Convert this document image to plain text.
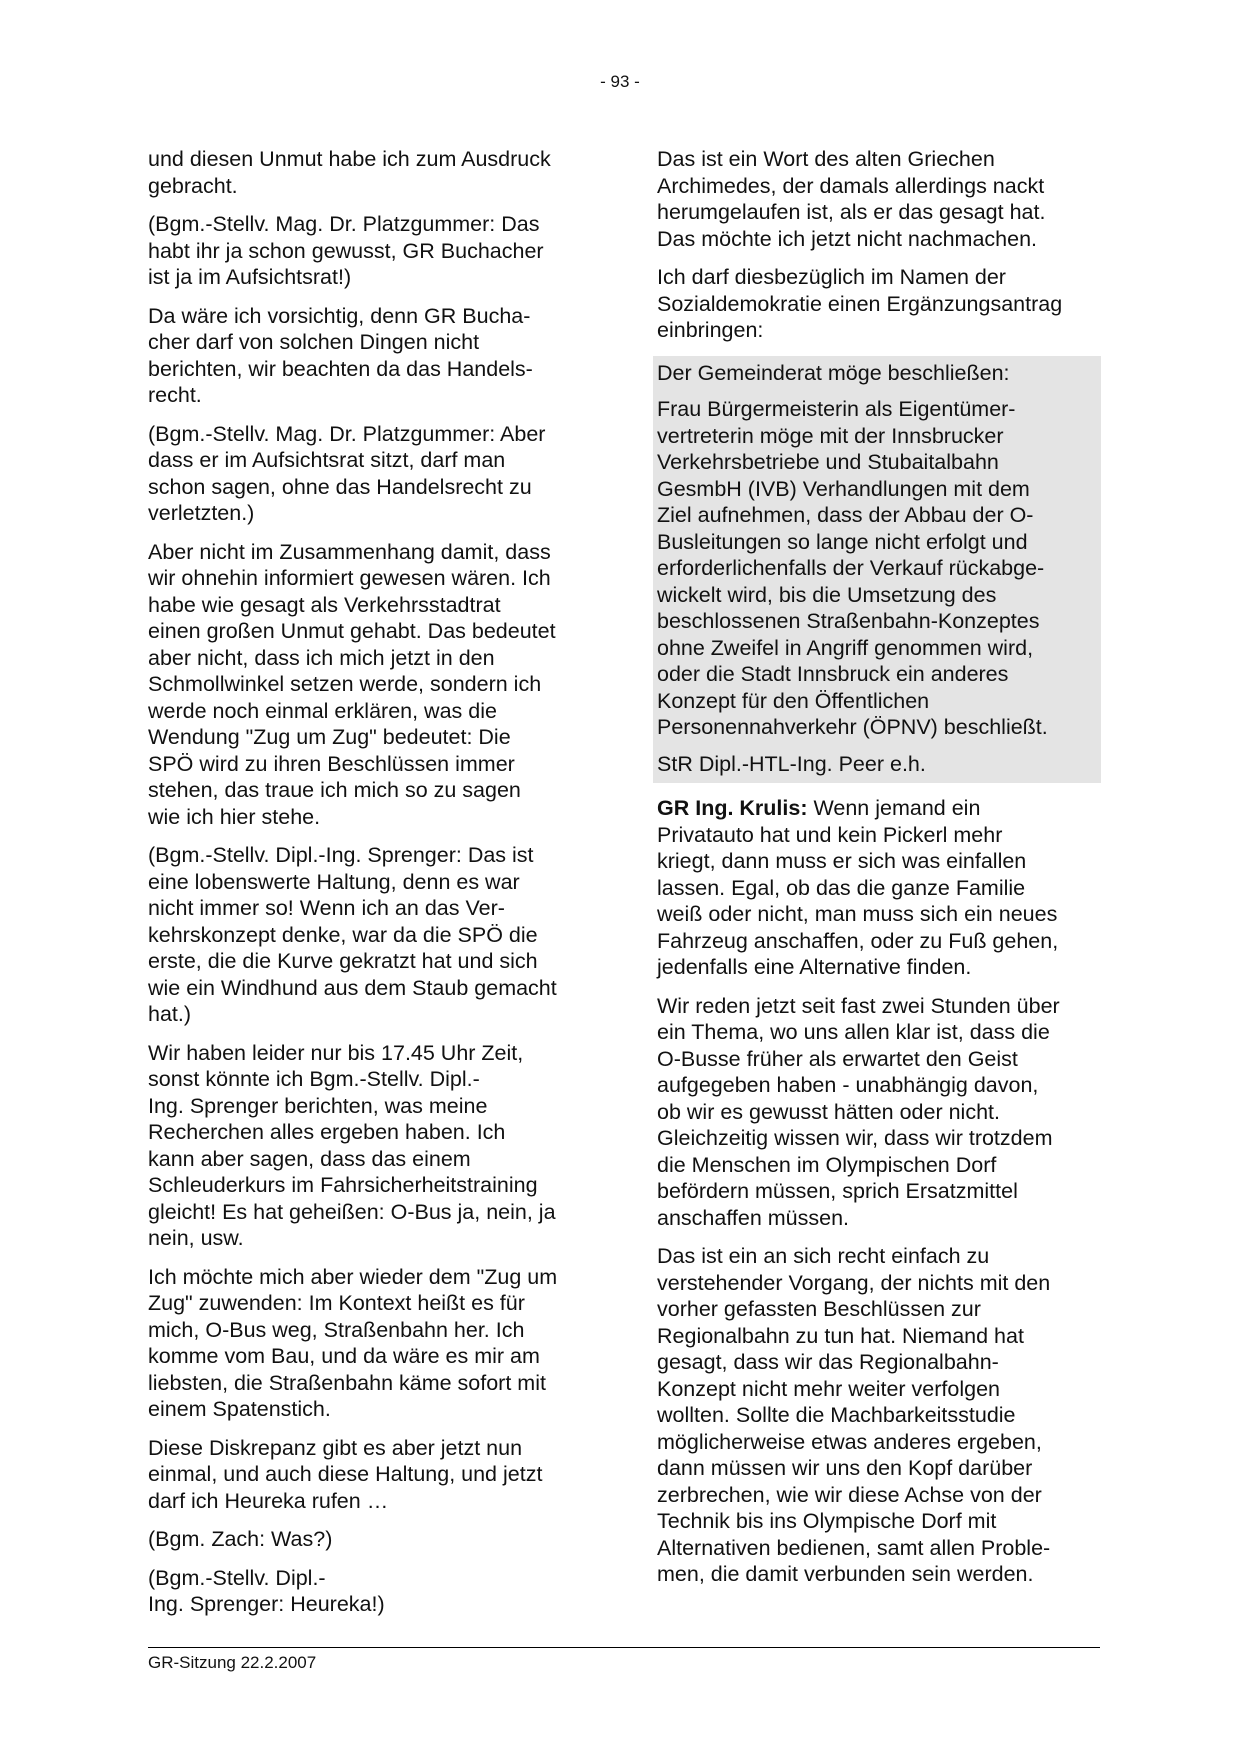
- 93 -

und diesen Unmut habe ich zum Ausdruck
gebracht.

(Bgm.-Stellv. Mag. Dr. Platzgummer: Das
habt ihr ja schon gewusst, GR Buchacher
ist ja im Aufsichtsrat!)

Da wäre ich vorsichtig, denn GR Bucha-
cher darf von solchen Dingen nicht
berichten, wir beachten da das Handels-
recht.

(Bgm.-Stellv. Mag. Dr. Platzgummer: Aber
dass er im Aufsichtsrat sitzt, darf man
schon sagen, ohne das Handelsrecht zu
verletzten.)

Aber nicht im Zusammenhang damit, dass
wir ohnehin informiert gewesen wären. Ich
habe wie gesagt als Verkehrsstadtrat
einen großen Unmut gehabt. Das bedeutet
aber nicht, dass ich mich jetzt in den
Schmollwinkel setzen werde, sondern ich
werde noch einmal erklären, was die
Wendung "Zug um Zug" bedeutet: Die
SPÖ wird zu ihren Beschlüssen immer
stehen, das traue ich mich so zu sagen
wie ich hier stehe.

(Bgm.-Stellv. Dipl.-Ing. Sprenger: Das ist
eine lobenswerte Haltung, denn es war
nicht immer so! Wenn ich an das Ver-
kehrskonzept denke, war da die SPÖ die
erste, die die Kurve gekratzt hat und sich
wie ein Windhund aus dem Staub gemacht
hat.)

Wir haben leider nur bis 17.45 Uhr Zeit,
sonst könnte ich Bgm.-Stellv. Dipl.-
Ing. Sprenger berichten, was meine
Recherchen alles ergeben haben. Ich
kann aber sagen, dass das einem
Schleuderkurs im Fahrsicherheitstraining
gleicht! Es hat geheißen: O-Bus ja, nein, ja
nein, usw.

Ich möchte mich aber wieder dem "Zug um
Zug" zuwenden: Im Kontext heißt es für
mich, O-Bus weg, Straßenbahn her. Ich
komme vom Bau, und da wäre es mir am
liebsten, die Straßenbahn käme sofort mit
einem Spatenstich.

Diese Diskrepanz gibt es aber jetzt nun
einmal, und auch diese Haltung, und jetzt
darf ich Heureka rufen …

(Bgm. Zach: Was?)

(Bgm.-Stellv. Dipl.-
Ing. Sprenger: Heureka!)

Das ist ein Wort des alten Griechen
Archimedes, der damals allerdings nackt
herumgelaufen ist, als er das gesagt hat.
Das möchte ich jetzt nicht nachmachen.

Ich darf diesbezüglich im Namen der
Sozialdemokratie einen Ergänzungsantrag
einbringen:

Der Gemeinderat möge beschließen:

Frau Bürgermeisterin als Eigentümer-
vertreterin möge mit der Innsbrucker
Verkehrsbetriebe und Stubaitalbahn
GesmbH (IVB) Verhandlungen mit dem
Ziel aufnehmen, dass der Abbau der O-
Busleitungen so lange nicht erfolgt und
erforderlichenfalls der Verkauf rückabge-
wickelt wird, bis die Umsetzung des
beschlossenen Straßenbahn-Konzeptes
ohne Zweifel in Angriff genommen wird,
oder die Stadt Innsbruck ein anderes
Konzept für den Öffentlichen
Personennahverkehr (ÖPNV) beschließt.

StR Dipl.-HTL-Ing. Peer e.h.

GR Ing. Krulis: Wenn jemand ein
Privatauto hat und kein Pickerl mehr
kriegt, dann muss er sich was einfallen
lassen. Egal, ob das die ganze Familie
weiß oder nicht, man muss sich ein neues
Fahrzeug anschaffen, oder zu Fuß gehen,
jedenfalls eine Alternative finden.

Wir reden jetzt seit fast zwei Stunden über
ein Thema, wo uns allen klar ist, dass die
O-Busse früher als erwartet den Geist
aufgegeben haben - unabhängig davon,
ob wir es gewusst hätten oder nicht.
Gleichzeitig wissen wir, dass wir trotzdem
die Menschen im Olympischen Dorf
befördern müssen, sprich Ersatzmittel
anschaffen müssen.

Das ist ein an sich recht einfach zu
verstehender Vorgang, der nichts mit den
vorher gefassten Beschlüssen zur
Regionalbahn zu tun hat. Niemand hat
gesagt, dass wir das Regionalbahn-
Konzept nicht mehr weiter verfolgen
wollten. Sollte die Machbarkeitsstudie
möglicherweise etwas anderes ergeben,
dann müssen wir uns den Kopf darüber
zerbrechen, wie wir diese Achse von der
Technik bis ins Olympische Dorf mit
Alternativen bedienen, samt allen Proble-
men, die damit verbunden sein werden.

GR-Sitzung 22.2.2007
